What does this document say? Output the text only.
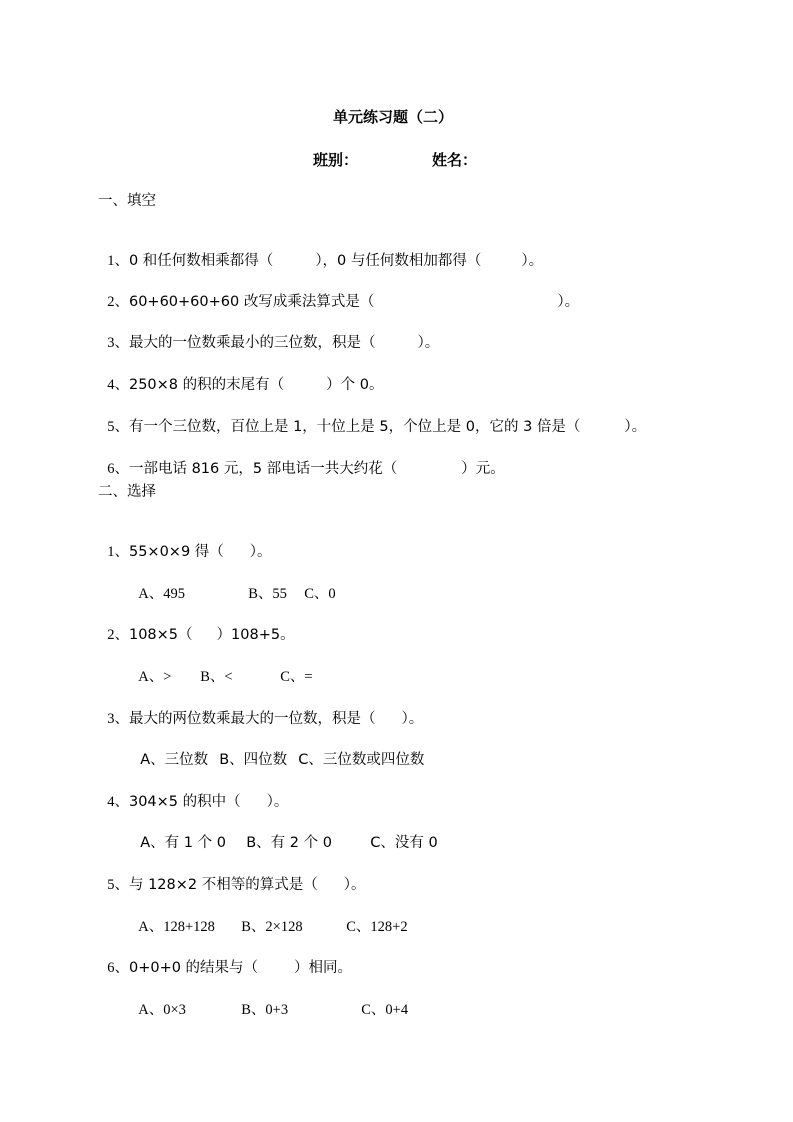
单元练习题（二）
班别：	姓名：
一、填空

1、0 和任何数相乘都得（	），0 与任何数相加都得（	）。

2、60+60+60+60 改写成乘法算式是（	）。

3、最大的一位数乘最小的三位数，积是（	）。

4、250×8 的积的末尾有（	）个 0。

5、有一个三位数，百位上是 1，十位上是 5，个位上是 0，它的 3 倍是（	）。

6、一部电话 816 元，5 部电话一共大约花（	）元。

二、选择

1、55×0×9 得（ ）。

A、495	B、55 C、0

2、108×5（ ）108+5。

A、> B、<	C、=

3、最大的两位数乘最大的一位数，积是（ ）。

A、三位数 B、四位数 C、三位数或四位数

4、304×5 的积中（ ）。

A、有 1 个 0 B、有 2 个 0	C、没有 0

5、与 128×2 不相等的算式是（ ）。

A、128+128 B、2×128	C、128+2

6、0+0+0 的结果与（ ）相同。

A、0×3	B、0+3	C、0+4
